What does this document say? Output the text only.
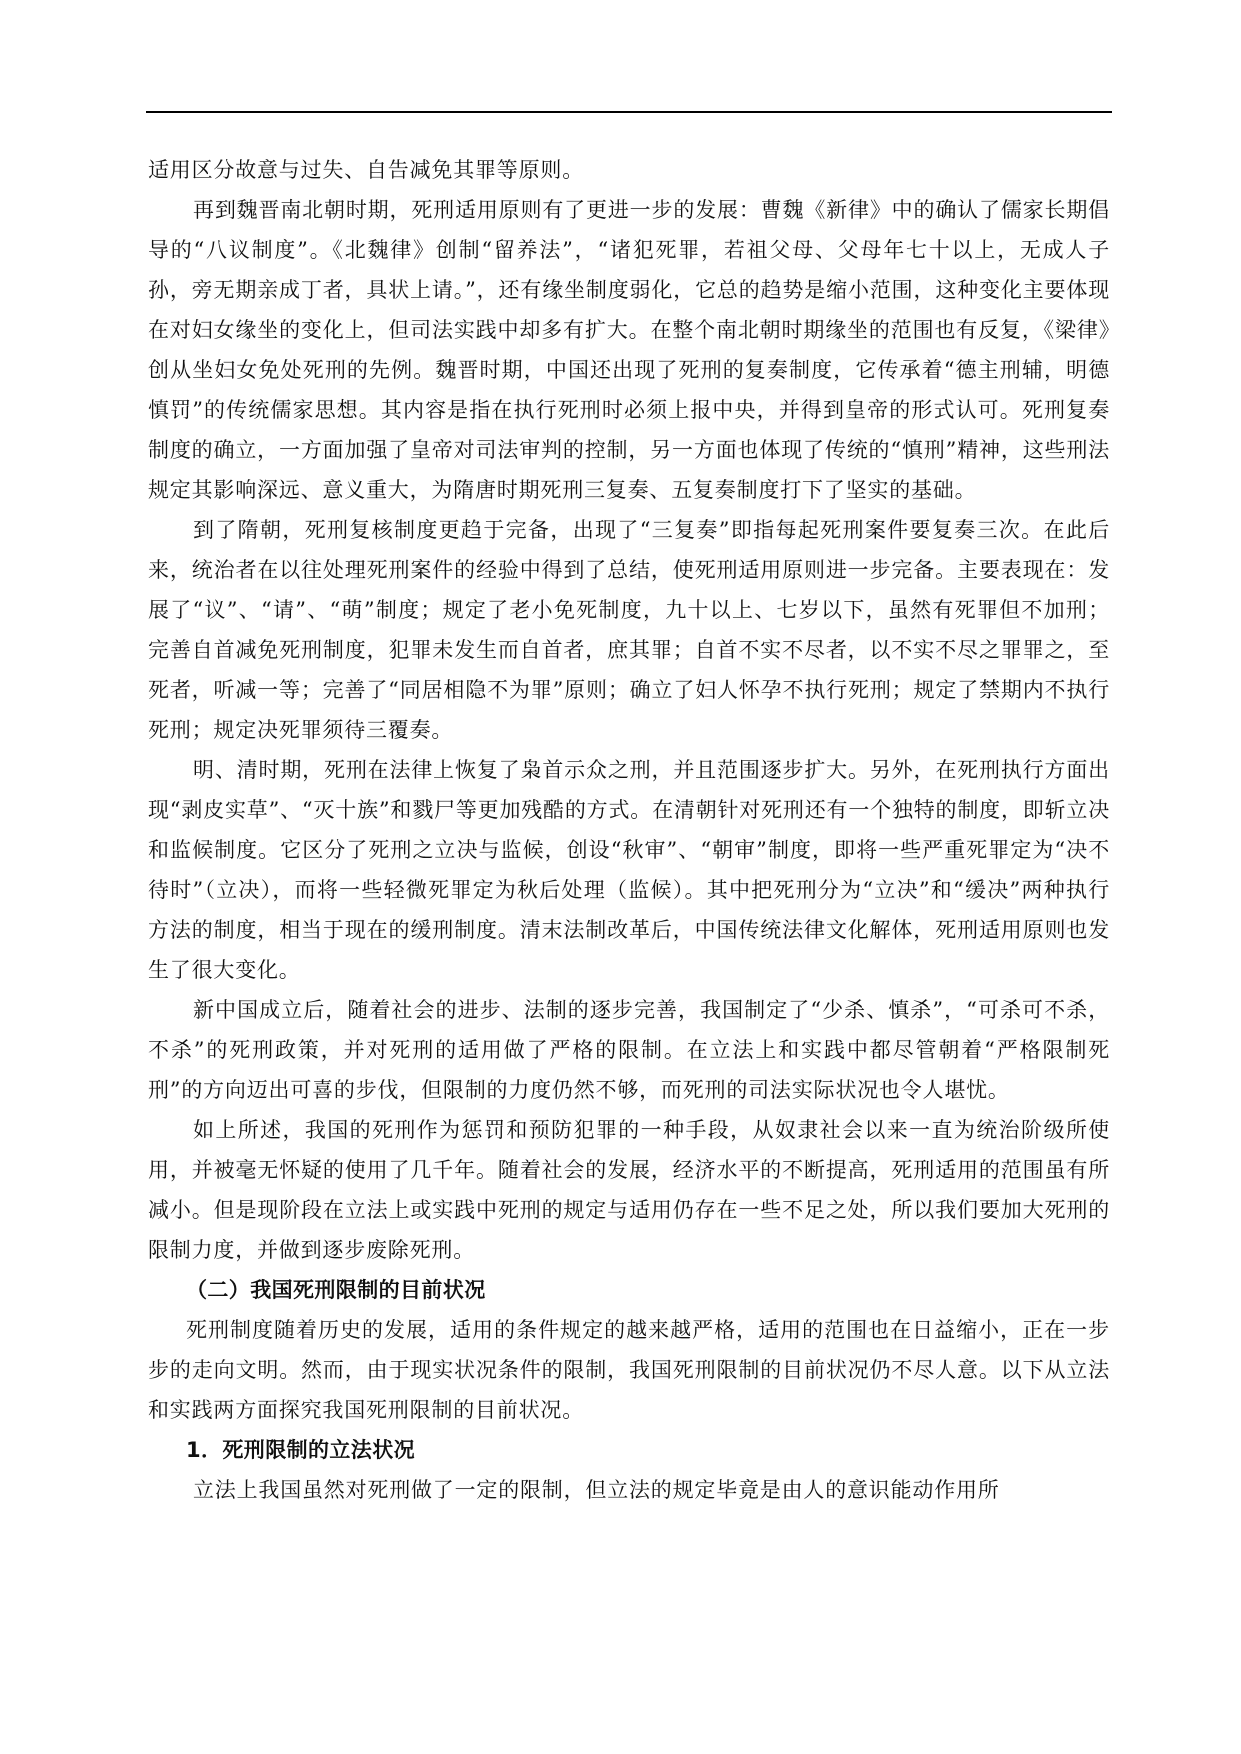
适用区分故意与过失、自告减免其罪等原则。

再到魏晋南北朝时期，死刑适用原则有了更进一步的发展：曹魏《新律》中的确认了儒家长期倡导的“八议制度”。《北魏律》创制“留养法”，“诸犯死罪，若祖父母、父母年七十以上，无成人子孙，旁无期亲成丁者，具状上请。”，还有缘坐制度弱化，它总的趋势是缩小范围，这种变化主要体现在对妇女缘坐的变化上，但司法实践中却多有扩大。在整个南北朝时期缘坐的范围也有反复，《梁律》创从坐妇女免处死刑的先例。魏晋时期，中国还出现了死刑的复奏制度，它传承着“德主刑辅，明德慎罚”的传统儒家思想。其内容是指在执行死刑时必须上报中央，并得到皇帝的形式认可。死刑复奏制度的确立，一方面加强了皇帝对司法审判的控制，另一方面也体现了传统的“慎刑”精神，这些刑法规定其影响深远、意义重大，为隋唐时期死刑三复奏、五复奏制度打下了坚实的基础。

到了隋朝，死刑复核制度更趋于完备，出现了“三复奏”即指每起死刑案件要复奏三次。在此后来，统治者在以往处理死刑案件的经验中得到了总结，使死刑适用原则进一步完备。主要表现在：发展了“议”、“请”、“萌”制度；规定了老小免死制度，九十以上、七岁以下，虽然有死罪但不加刑；完善自首减免死刑制度，犯罪未发生而自首者，庶其罪；自首不实不尽者，以不实不尽之罪罪之，至死者，听减一等；完善了“同居相隐不为罪”原则；确立了妇人怀孕不执行死刑；规定了禁期内不执行死刑；规定决死罪须待三覆奏。

明、清时期，死刑在法律上恢复了枭首示众之刑，并且范围逐步扩大。另外，在死刑执行方面出现“剥皮实草”、“灭十族”和戮尸等更加残酷的方式。在清朝针对死刑还有一个独特的制度，即斩立决和监候制度。它区分了死刑之立决与监候，创设“秋审”、“朝审”制度，即将一些严重死罪定为“决不待时”（立决），而将一些轻微死罪定为秋后处理（监候）。其中把死刑分为“立决”和“缓决”两种执行方法的制度，相当于现在的缓刑制度。清末法制改革后，中国传统法律文化解体，死刑适用原则也发生了很大变化。

新中国成立后，随着社会的进步、法制的逐步完善，我国制定了“少杀、慎杀”，“可杀可不杀，不杀”的死刑政策，并对死刑的适用做了严格的限制。在立法上和实践中都尽管朝着“严格限制死刑”的方向迈出可喜的步伐，但限制的力度仍然不够，而死刑的司法实际状况也令人堪忧。

如上所述，我国的死刑作为惩罚和预防犯罪的一种手段，从奴隶社会以来一直为统治阶级所使用，并被毫无怀疑的使用了几千年。随着社会的发展，经济水平的不断提高，死刑适用的范围虽有所减小。但是现阶段在立法上或实践中死刑的规定与适用仍存在一些不足之处，所以我们要加大死刑的限制力度，并做到逐步废除死刑。

（二）我国死刑限制的目前状况

死刑制度随着历史的发展，适用的条件规定的越来越严格，适用的范围也在日益缩小，正在一步步的走向文明。然而，由于现实状况条件的限制，我国死刑限制的目前状况仍不尽人意。以下从立法和实践两方面探究我国死刑限制的目前状况。

1．死刑限制的立法状况

立法上我国虽然对死刑做了一定的限制，但立法的规定毕竟是由人的意识能动作用所
